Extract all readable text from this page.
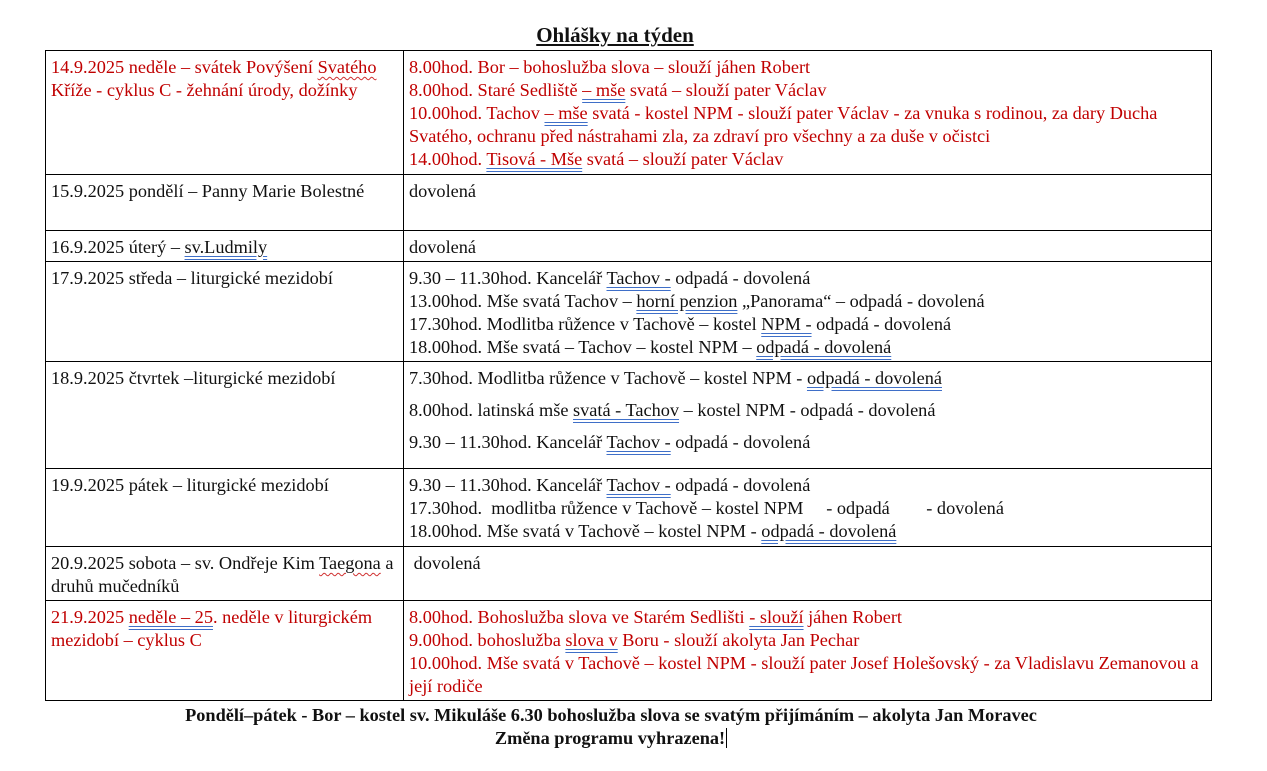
Ohlášky na týden
14.9.2025 neděle – svátek Povýšení Svatého Kříže - cyklus C - žehnání úrody, dožínky	8.00hod. Bor – bohoslužba slova – slouží jáhen Robert
8.00hod. Staré Sedliště – mše svatá – slouží pater Václav
10.00hod. Tachov – mše svatá - kostel NPM - slouží pater Václav - za vnuka s rodinou, za dary Ducha Svatého, ochranu před nástrahami zla, za zdraví pro všechny a za duše v očistci
14.00hod. Tisová - Mše svatá – slouží pater Václav

15.9.2025 pondělí – Panny Marie Bolestné	dovolená

16.9.2025 úterý – sv.Ludmily	dovolená

17.9.2025 středa – liturgické mezidobí	9.30 – 11.30hod. Kancelář Tachov - odpadá - dovolená
13.00hod. Mše svatá Tachov – horní penzion „Panorama“ – odpadá - dovolená
17.30hod. Modlitba růžence v Tachově – kostel NPM - odpadá - dovolená
18.00hod. Mše svatá – Tachov – kostel NPM – odpadá - dovolená

18.9.2025 čtvrtek –liturgické mezidobí	7.30hod. Modlitba růžence v Tachově – kostel NPM - odpadá - dovolená
8.00hod. latinská mše svatá - Tachov – kostel NPM - odpadá - dovolená
9.30 – 11.30hod. Kancelář Tachov - odpadá - dovolená

19.9.2025 pátek – liturgické mezidobí	9.30 – 11.30hod. Kancelář Tachov - odpadá - dovolená
17.30hod.  modlitba růžence v Tachově – kostel NPM     - odpadá        - dovolená
18.00hod. Mše svatá v Tachově – kostel NPM - odpadá - dovolená

20.9.2025 sobota – sv. Ondřeje Kim Taegona a druhů mučedníků	dovolená

21.9.2025 neděle – 25. neděle v liturgickém mezidobí – cyklus C	8.00hod. Bohoslužba slova ve Starém Sedlišti - slouží jáhen Robert
9.00hod. bohoslužba slova v Boru - slouží akolyta Jan Pechar
10.00hod. Mše svatá v Tachově – kostel NPM - slouží pater Josef Holešovský - za Vladislavu Zemanovou a její rodiče
Pondělí–pátek - Bor – kostel sv. Mikuláše 6.30 bohoslužba slova se svatým přijímáním – akolyta Jan Moravec
Změna programu vyhrazena!
